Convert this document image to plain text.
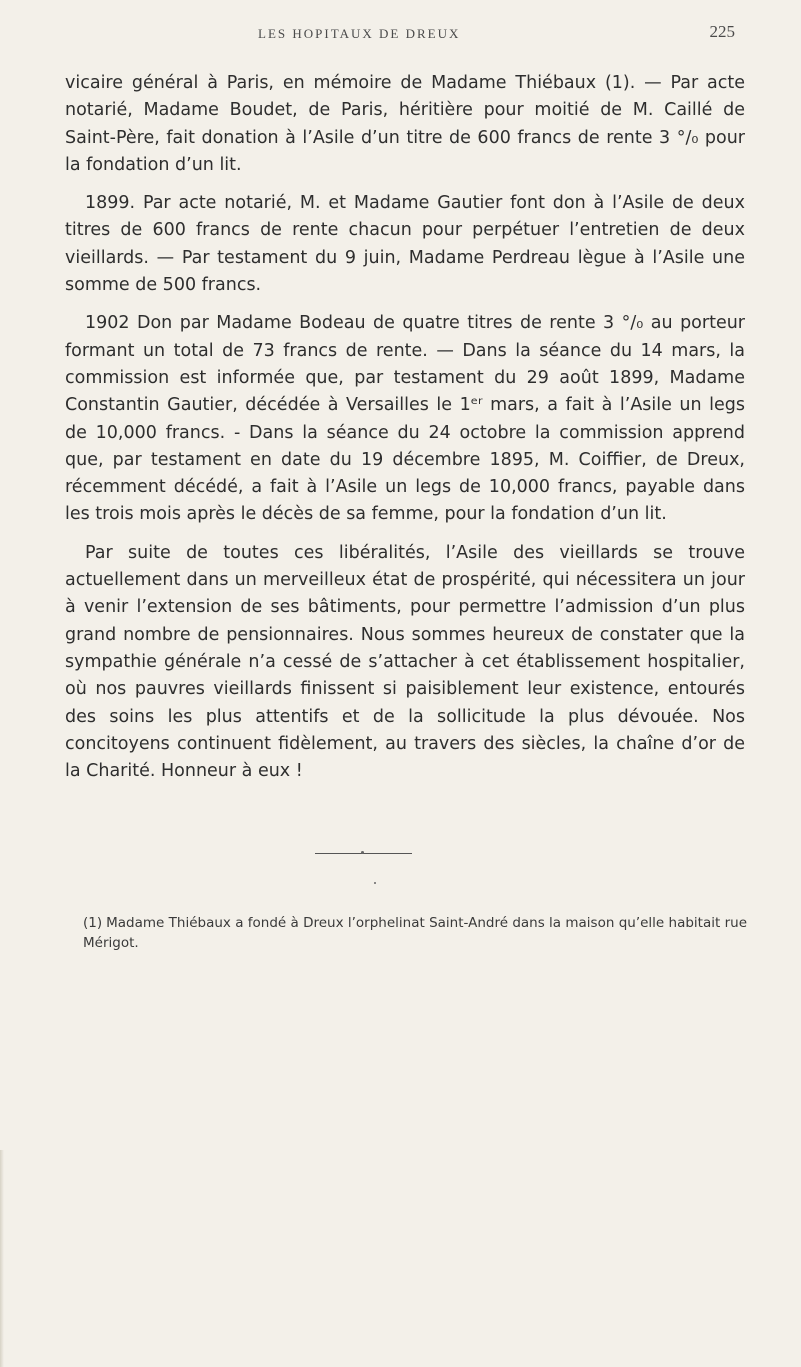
LES HOPITAUX DE DREUX	225

vicaire général à Paris, en mémoire de Madame Thiébaux (1). — Par acte notarié, Madame Boudet, de Paris, héritière pour moitié de M. Caillé de Saint-Père, fait donation à l’Asile d’un titre de 600 francs de rente 3 °/₀ pour la fondation d’un lit.

1899. Par acte notarié, M. et Madame Gautier font don à l’Asile de deux titres de 600 francs de rente chacun pour perpétuer l’entretien de deux vieillards. — Par testament du 9 juin, Madame Perdreau lègue à l’Asile une somme de 500 francs.

1902 Don par Madame Bodeau de quatre titres de rente 3 °/₀ au porteur formant un total de 73 francs de rente. — Dans la séance du 14 mars, la commission est informée que, par testament du 29 août 1899, Madame Constantin Gautier, décédée à Versailles le 1ᵉʳ mars, a fait à l’Asile un legs de 10,000 francs. - Dans la séance du 24 octobre la commission apprend que, par testament en date du 19 décembre 1895, M. Coiffier, de Dreux, récemment décédé, a fait à l’Asile un legs de 10,000 francs, payable dans les trois mois après le décès de sa femme, pour la fondation d’un lit.

Par suite de toutes ces libéralités, l’Asile des vieillards se trouve actuellement dans un merveilleux état de prospérité, qui nécessitera un jour à venir l’extension de ses bâtiments, pour permettre l’admission d’un plus grand nombre de pensionnaires. Nous sommes heureux de constater que la sympathie générale n’a cessé de s’attacher à cet établissement hospitalier, où nos pauvres vieillards finissent si paisiblement leur existence, entourés des soins les plus attentifs et de la sollicitude la plus dévouée. Nos concitoyens continuent fidèlement, au travers des siècles, la chaîne d’or de la Charité. Honneur à eux !

(1) Madame Thiébaux a fondé à Dreux l’orphelinat Saint-André dans la maison qu’elle habitait rue Mérigot.
